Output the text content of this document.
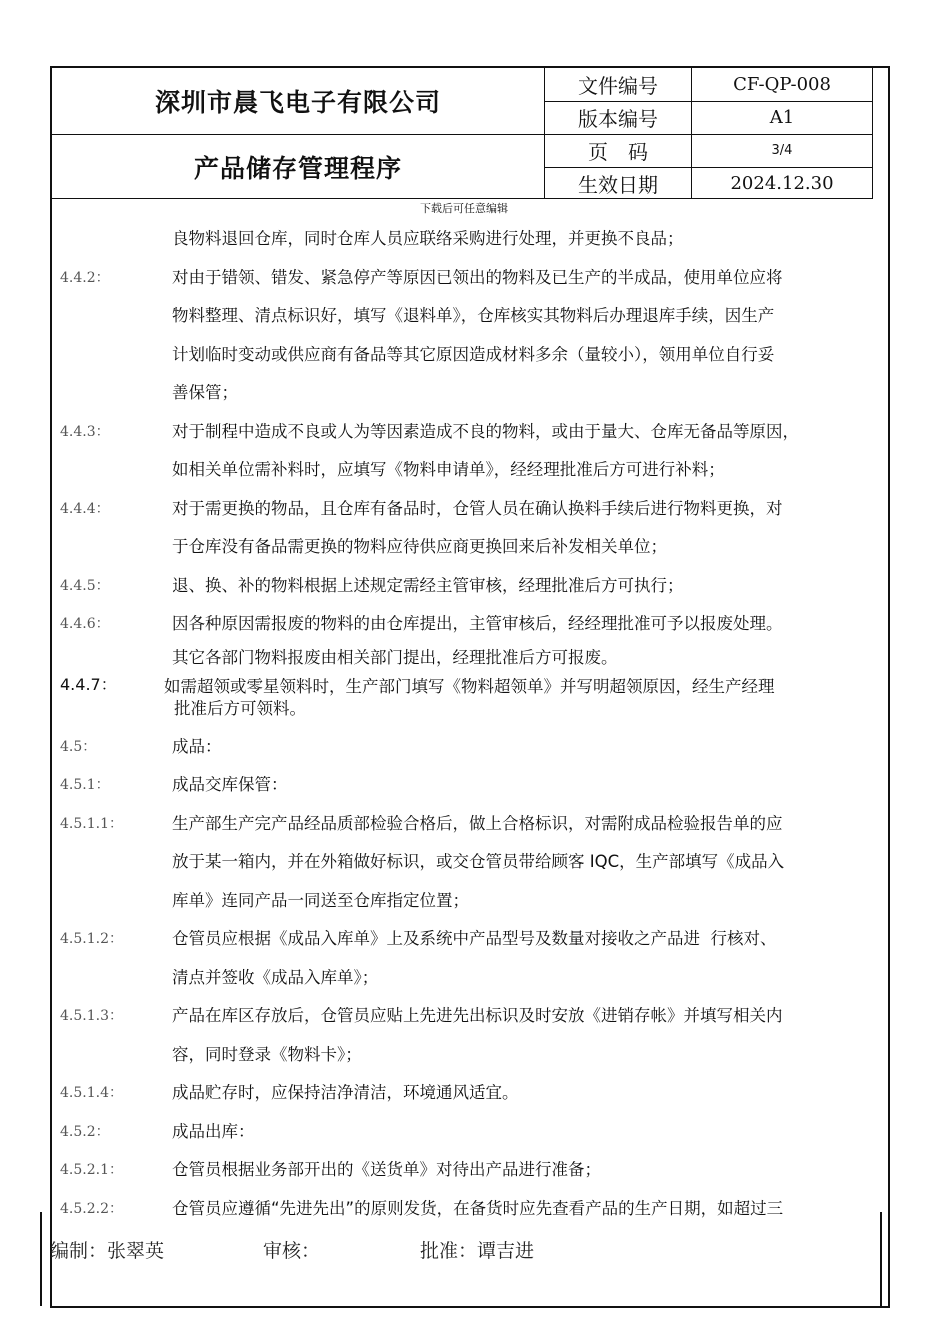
深圳市晨飞电子有限公司
产品储存管理程序
文件编号	CF-QP-008
版本编号	A1
页　码	3/4
生效日期	2024.12.30
下载后可任意编辑
良物料退回仓库，同时仓库人员应联络采购进行处理，并更换不良品；
4.4.2：	对由于错领、错发、紧急停产等原因已领出的物料及已生产的半成品，使用单位应将
物料整理、清点标识好，填写《退料单》，仓库核实其物料后办理退库手续，因生产
计划临时变动或供应商有备品等其它原因造成材料多余（量较小），领用单位自行妥
善保管；
4.4.3：	对于制程中造成不良或人为等因素造成不良的物料，或由于量大、仓库无备品等原因，
如相关单位需补料时，应填写《物料申请单》，经经理批准后方可进行补料；
4.4.4：	对于需更换的物品，且仓库有备品时，仓管人员在确认换料手续后进行物料更换，对
于仓库没有备品需更换的物料应待供应商更换回来后补发相关单位；
4.4.5：	退、换、补的物料根据上述规定需经主管审核，经理批准后方可执行；
4.4.6：	因各种原因需报废的物料的由仓库提出，主管审核后，经经理批准可予以报废处理。
其它各部门物料报废由相关部门提出，经理批准后方可报废。
4.4.7：	如需超领或零星领料时，生产部门填写《物料超领单》并写明超领原因，经生产经理
批准后方可领料。
4.5：	成品：
4.5.1：	成品交库保管：
4.5.1.1：	生产部生产完产品经品质部检验合格后，做上合格标识，对需附成品检验报告单的应
放于某一箱内，并在外箱做好标识，或交仓管员带给顾客 IQC，生产部填写《成品入
库单》连同产品一同送至仓库指定位置；
4.5.1.2：	仓管员应根据《成品入库单》上及系统中产品型号及数量对接收之产品进  行核对、
清点并签收《成品入库单》；
4.5.1.3：	产品在库区存放后，仓管员应贴上先进先出标识及时安放《进销存帐》并填写相关内
容，同时登录《物料卡》；
4.5.1.4：	成品贮存时，应保持洁净清洁，环境通风适宜。
4.5.2：	成品出库：
4.5.2.1：	仓管员根据业务部开出的《送货单》对待出产品进行准备；
4.5.2.2：	仓管员应遵循“先进先出”的原则发货，在备货时应先查看产品的生产日期，如超过三
编制：张翠英	审核：	批准：谭吉进
